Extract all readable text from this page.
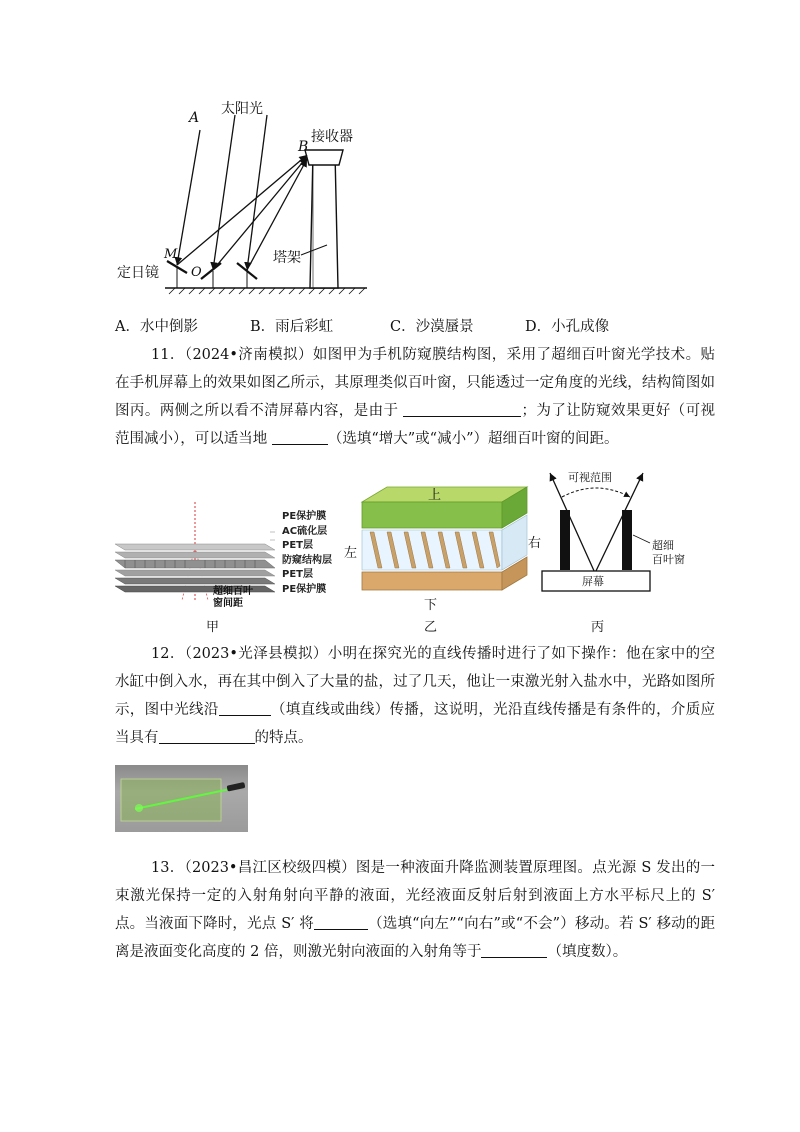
A
太阳光
B
接收器
定日镜
M
O
塔架
A．水中倒影	B．雨后彩虹	C．沙漠蜃景	D．小孔成像
11．（2024•济南模拟）如图甲为手机防窥膜结构图，采用了超细百叶窗光学技术。贴在手机屏幕上的效果如图乙所示，其原理类似百叶窗，只能透过一定角度的光线，结构简图如图丙。两侧之所以看不清屏幕内容，是由于	；为了让防窥效果更好（可视范围减小），可以适当地	（选填“增大”或“减小”）超细百叶窗的间距。
PE保护膜
AC硫化层
PET层
防窥结构层
PET层
PE保护膜
超细百叶
窗间距
甲
上
左
右
下
乙
可视范围
超细
百叶窗
屏幕
丙
12．（2023•光泽县模拟）小明在探究光的直线传播时进行了如下操作：他在家中的空水缸中倒入水，再在其中倒入了大量的盐，过了几天，他让一束激光射入盐水中，光路如图所示，图中光线沿	（填直线或曲线）传播，这说明，光沿直线传播是有条件的，介质应当具有	的特点。
13．（2023•昌江区校级四模）图是一种液面升降监测装置原理图。点光源 S 发出的一束激光保持一定的入射角射向平静的液面，光经液面反射后射到液面上方水平标尺上的 S′ 点。当液面下降时，光点 S′ 将	（选填“向左”“向右”或“不会”）移动。若 S′ 移动的距离是液面变化高度的 2 倍，则激光射向液面的入射角等于	（填度数）。
